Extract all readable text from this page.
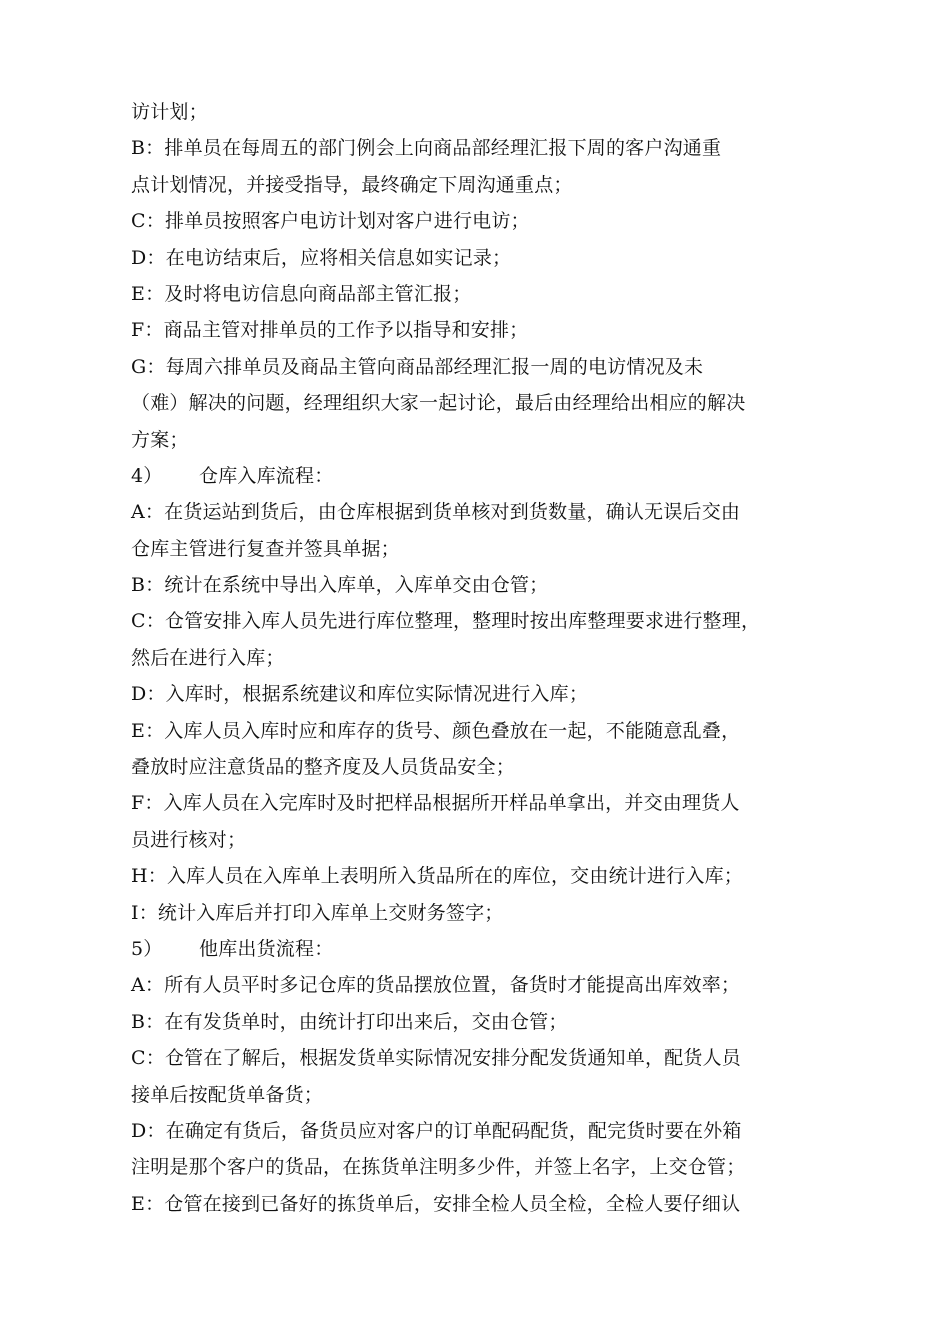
访计划；
B：排单员在每周五的部门例会上向商品部经理汇报下周的客户沟通重
点计划情况，并接受指导，最终确定下周沟通重点；
C：排单员按照客户电访计划对客户进行电访；
D：在电访结束后，应将相关信息如实记录；
E：及时将电访信息向商品部主管汇报；
F：商品主管对排单员的工作予以指导和安排；
G：每周六排单员及商品主管向商品部经理汇报一周的电访情况及未
（难）解决的问题，经理组织大家一起讨论，最后由经理给出相应的解决
方案；
4） 仓库入库流程：
A：在货运站到货后，由仓库根据到货单核对到货数量，确认无误后交由
仓库主管进行复查并签具单据；
B：统计在系统中导出入库单，入库单交由仓管；
C：仓管安排入库人员先进行库位整理，整理时按出库整理要求进行整理，
然后在进行入库；
D：入库时，根据系统建议和库位实际情况进行入库；
E：入库人员入库时应和库存的货号、颜色叠放在一起，不能随意乱叠，
叠放时应注意货品的整齐度及人员货品安全；
F：入库人员在入完库时及时把样品根据所开样品单拿出，并交由理货人
员进行核对；
H：入库人员在入库单上表明所入货品所在的库位，交由统计进行入库；
I：统计入库后并打印入库单上交财务签字；
5） 他库出货流程：
A：所有人员平时多记仓库的货品摆放位置，备货时才能提高出库效率；
B：在有发货单时，由统计打印出来后，交由仓管；
C：仓管在了解后，根据发货单实际情况安排分配发货通知单，配货人员
接单后按配货单备货；
D：在确定有货后，备货员应对客户的订单配码配货，配完货时要在外箱
注明是那个客户的货品，在拣货单注明多少件，并签上名字，上交仓管；
E：仓管在接到已备好的拣货单后，安排全检人员全检，全检人要仔细认
